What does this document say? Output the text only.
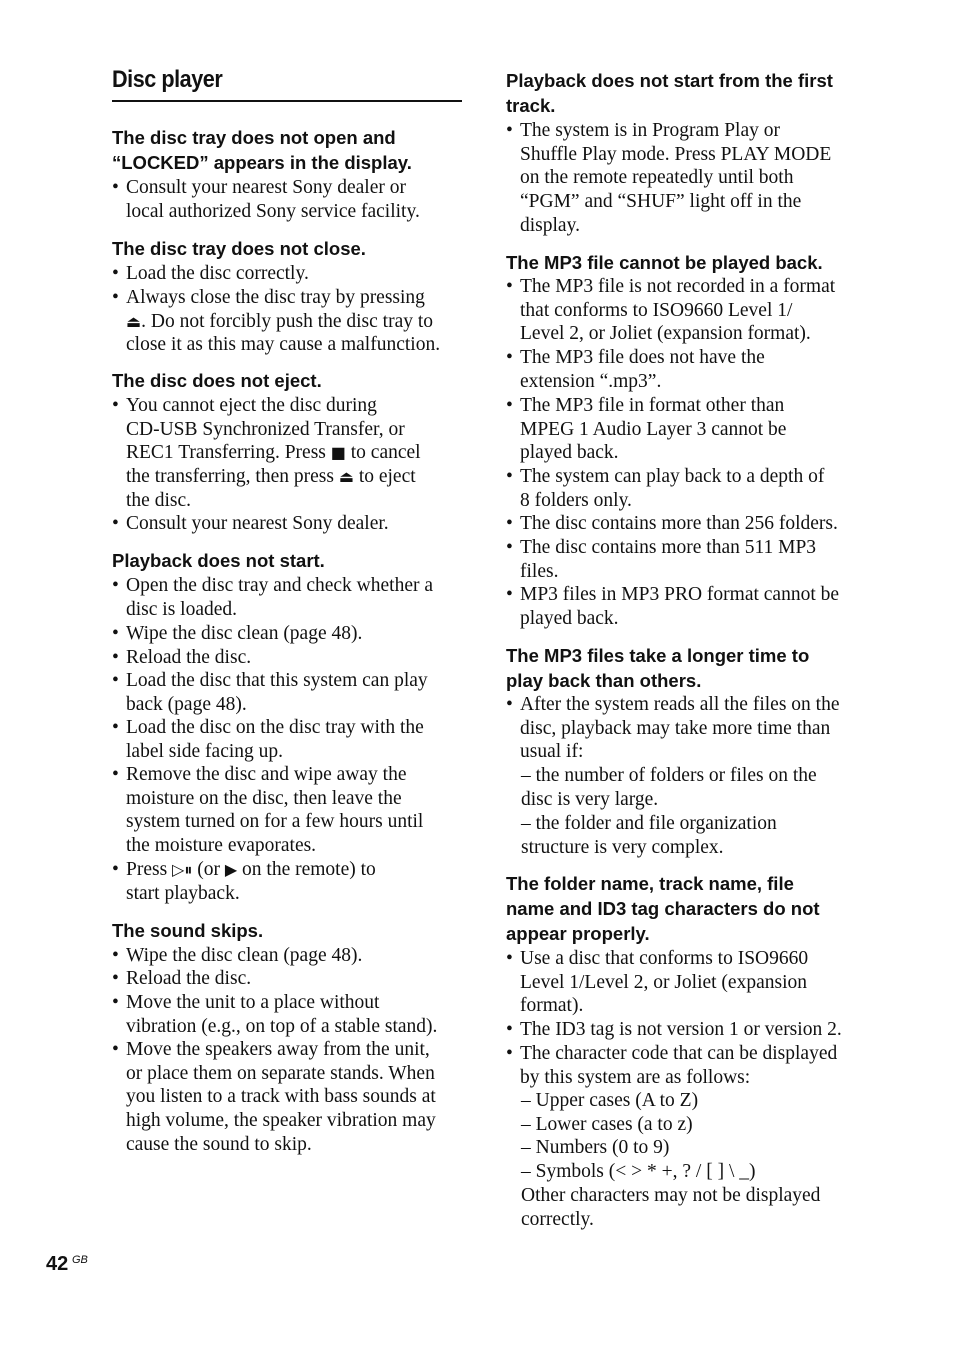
Disc player
The disc tray does not open and
“LOCKED” appears in the display.
• Consult your nearest Sony dealer or
local authorized Sony service facility.
The disc tray does not close.
• Load the disc correctly.
• Always close the disc tray by pressing
⏏. Do not forcibly push the disc tray to
close it as this may cause a malfunction.
The disc does not eject.
• You cannot eject the disc during
CD-USB Synchronized Transfer, or
REC1 Transferring. Press ■ to cancel
the transferring, then press ⏏ to eject
the disc.
• Consult your nearest Sony dealer.
Playback does not start.
• Open the disc tray and check whether a
disc is loaded.
• Wipe the disc clean (page 48).
• Reload the disc.
• Load the disc that this system can play
back (page 48).
• Load the disc on the disc tray with the
label side facing up.
• Remove the disc and wipe away the
moisture on the disc, then leave the
system turned on for a few hours until
the moisture evaporates.
• Press ▷⏸ (or ▶ on the remote) to
start playback.
The sound skips.
• Wipe the disc clean (page 48).
• Reload the disc.
• Move the unit to a place without
vibration (e.g., on top of a stable stand).
• Move the speakers away from the unit,
or place them on separate stands. When
you listen to a track with bass sounds at
high volume, the speaker vibration may
cause the sound to skip.
Playback does not start from the first
track.
• The system is in Program Play or
Shuffle Play mode. Press PLAY MODE
on the remote repeatedly until both
“PGM” and “SHUF” light off in the
display.
The MP3 file cannot be played back.
• The MP3 file is not recorded in a format
that conforms to ISO9660 Level 1/
Level 2, or Joliet (expansion format).
• The MP3 file does not have the
extension “.mp3”.
• The MP3 file in format other than
MPEG 1 Audio Layer 3 cannot be
played back.
• The system can play back to a depth of
8 folders only.
• The disc contains more than 256 folders.
• The disc contains more than 511 MP3
files.
• MP3 files in MP3 PRO format cannot be
played back.
The MP3 files take a longer time to
play back than others.
• After the system reads all the files on the
disc, playback may take more time than
usual if:
– the number of folders or files on the
disc is very large.
– the folder and file organization
structure is very complex.
The folder name, track name, file
name and ID3 tag characters do not
appear properly.
• Use a disc that conforms to ISO9660
Level 1/Level 2, or Joliet (expansion
format).
• The ID3 tag is not version 1 or version 2.
• The character code that can be displayed
by this system are as follows:
– Upper cases (A to Z)
– Lower cases (a to z)
– Numbers (0 to 9)
– Symbols (< > * +, ? / [ ] \ _)
Other characters may not be displayed
correctly.
42 GB
